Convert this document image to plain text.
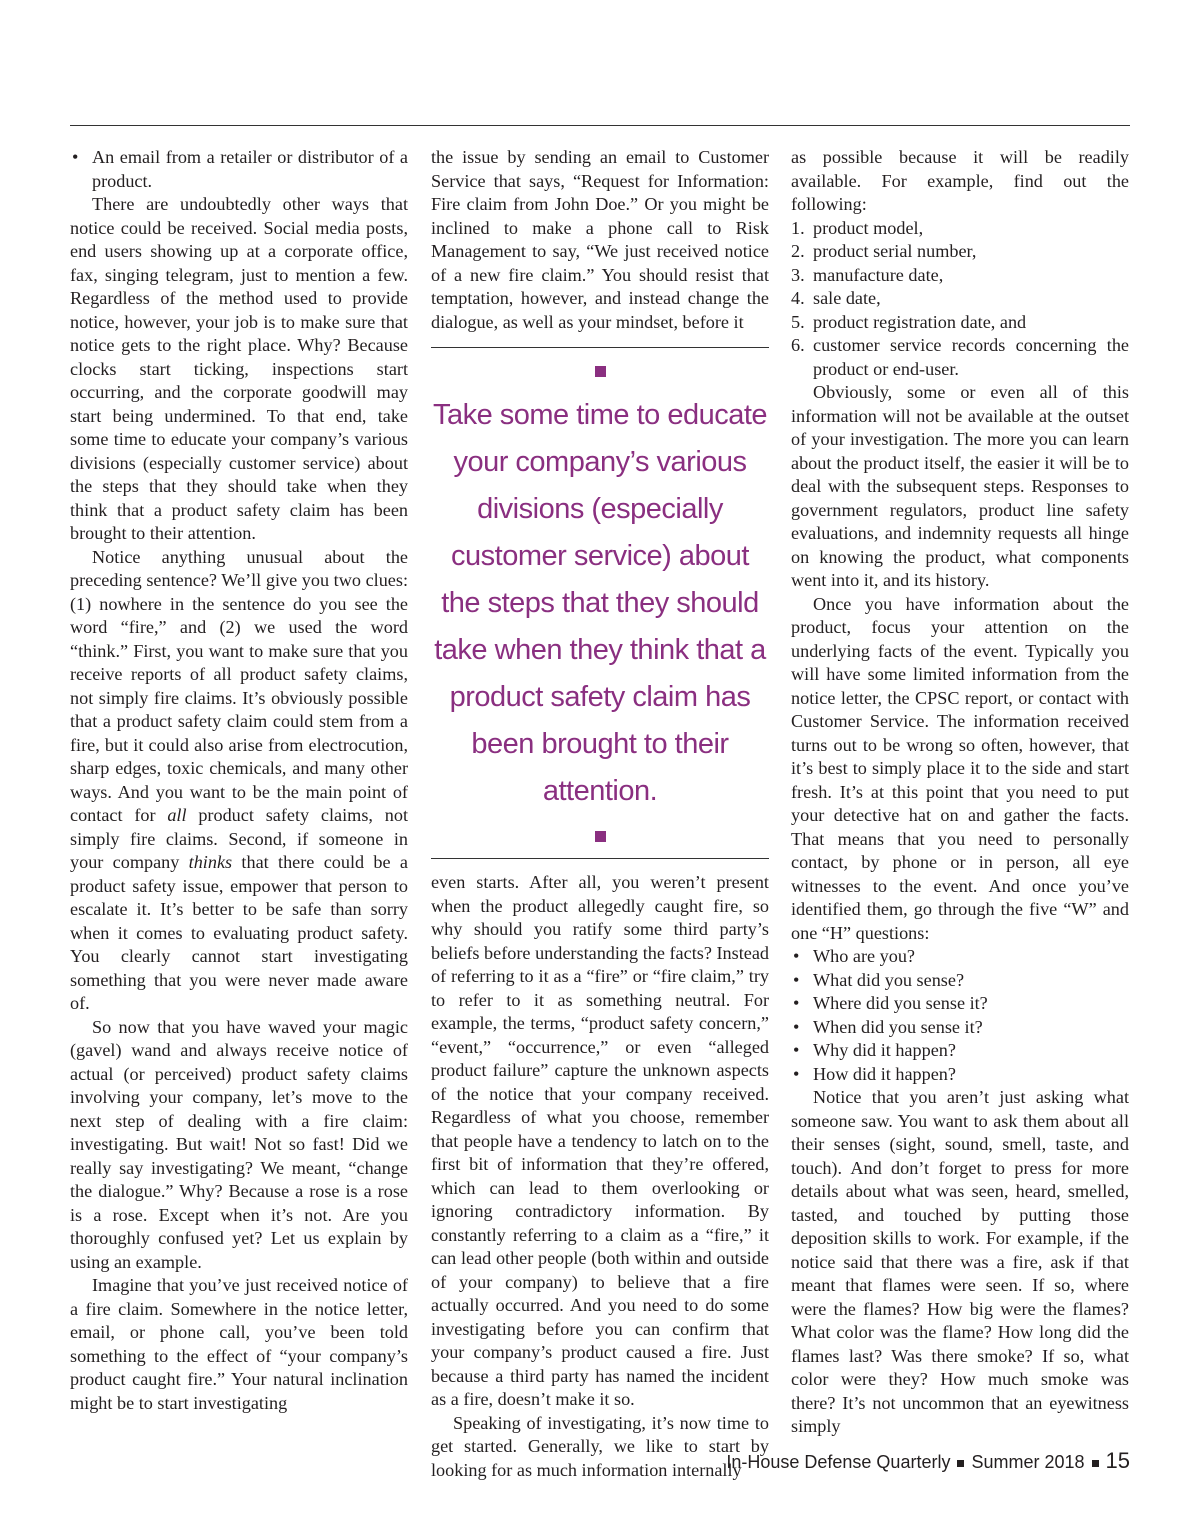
• An email from a retailer or distributor of a product.

There are undoubtedly other ways that notice could be received. Social media posts, end users showing up at a corporate office, fax, singing telegram, just to mention a few. Regardless of the method used to provide notice, however, your job is to make sure that notice gets to the right place. Why? Because clocks start ticking, inspections start occurring, and the corporate goodwill may start being undermined. To that end, take some time to educate your company’s various divisions (especially customer service) about the steps that they should take when they think that a product safety claim has been brought to their attention.

Notice anything unusual about the preceding sentence? We’ll give you two clues: (1) nowhere in the sentence do you see the word “fire,” and (2) we used the word “think.” First, you want to make sure that you receive reports of all product safety claims, not simply fire claims. It’s obviously possible that a product safety claim could stem from a fire, but it could also arise from electrocution, sharp edges, toxic chemicals, and many other ways. And you want to be the main point of contact for all product safety claims, not simply fire claims. Second, if someone in your company thinks that there could be a product safety issue, empower that person to escalate it. It’s better to be safe than sorry when it comes to evaluating product safety. You clearly cannot start investigating something that you were never made aware of.

So now that you have waved your magic (gavel) wand and always receive notice of actual (or perceived) product safety claims involving your company, let’s move to the next step of dealing with a fire claim: investigating. But wait! Not so fast! Did we really say investigating? We meant, “change the dialogue.” Why? Because a rose is a rose is a rose. Except when it’s not. Are you thoroughly confused yet? Let us explain by using an example.

Imagine that you’ve just received notice of a fire claim. Somewhere in the notice letter, email, or phone call, you’ve been told something to the effect of “your company’s product caught fire.” Your natural inclination might be to start investigating

the issue by sending an email to Customer Service that says, “Request for Information: Fire claim from John Doe.” Or you might be inclined to make a phone call to Risk Management to say, “We just received notice of a new fire claim.” You should resist that temptation, however, and instead change the dialogue, as well as your mindset, before it

Take some time to educate your company’s various divisions (especially customer service) about the steps that they should take when they think that a product safety claim has been brought to their attention.

even starts. After all, you weren’t present when the product allegedly caught fire, so why should you ratify some third party’s beliefs before understanding the facts? Instead of referring to it as a “fire” or “fire claim,” try to refer to it as something neutral. For example, the terms, “product safety concern,” “event,” “occurrence,” or even “alleged product failure” capture the unknown aspects of the notice that your company received. Regardless of what you choose, remember that people have a tendency to latch on to the first bit of information that they’re offered, which can lead to them overlooking or ignoring contradictory information. By constantly referring to a claim as a “fire,” it can lead other people (both within and outside of your company) to believe that a fire actually occurred. And you need to do some investigating before you can confirm that your company’s product caused a fire. Just because a third party has named the incident as a fire, doesn’t make it so.

Speaking of investigating, it’s now time to get started. Generally, we like to start by looking for as much information internally

as possible because it will be readily available. For example, find out the following:

1. product model,
2. product serial number,
3. manufacture date,
4. sale date,
5. product registration date, and
6. customer service records concerning the product or end-user.

Obviously, some or even all of this information will not be available at the outset of your investigation. The more you can learn about the product itself, the easier it will be to deal with the subsequent steps. Responses to government regulators, product line safety evaluations, and indemnity requests all hinge on knowing the product, what components went into it, and its history.

Once you have information about the product, focus your attention on the underlying facts of the event. Typically you will have some limited information from the notice letter, the CPSC report, or contact with Customer Service. The information received turns out to be wrong so often, however, that it’s best to simply place it to the side and start fresh. It’s at this point that you need to put your detective hat on and gather the facts. That means that you need to personally contact, by phone or in person, all eye witnesses to the event. And once you’ve identified them, go through the five “W” and one “H” questions:

• Who are you?
• What did you sense?
• Where did you sense it?
• When did you sense it?
• Why did it happen?
• How did it happen?

Notice that you aren’t just asking what someone saw. You want to ask them about all their senses (sight, sound, smell, taste, and touch). And don’t forget to press for more details about what was seen, heard, smelled, tasted, and touched by putting those deposition skills to work. For example, if the notice said that there was a fire, ask if that meant that flames were seen. If so, where were the flames? How big were the flames? What color was the flame? How long did the flames last? Was there smoke? If so, what color were they? How much smoke was there? It’s not uncommon that an eyewitness simply

In-House Defense Quarterly Summer 2018 15
